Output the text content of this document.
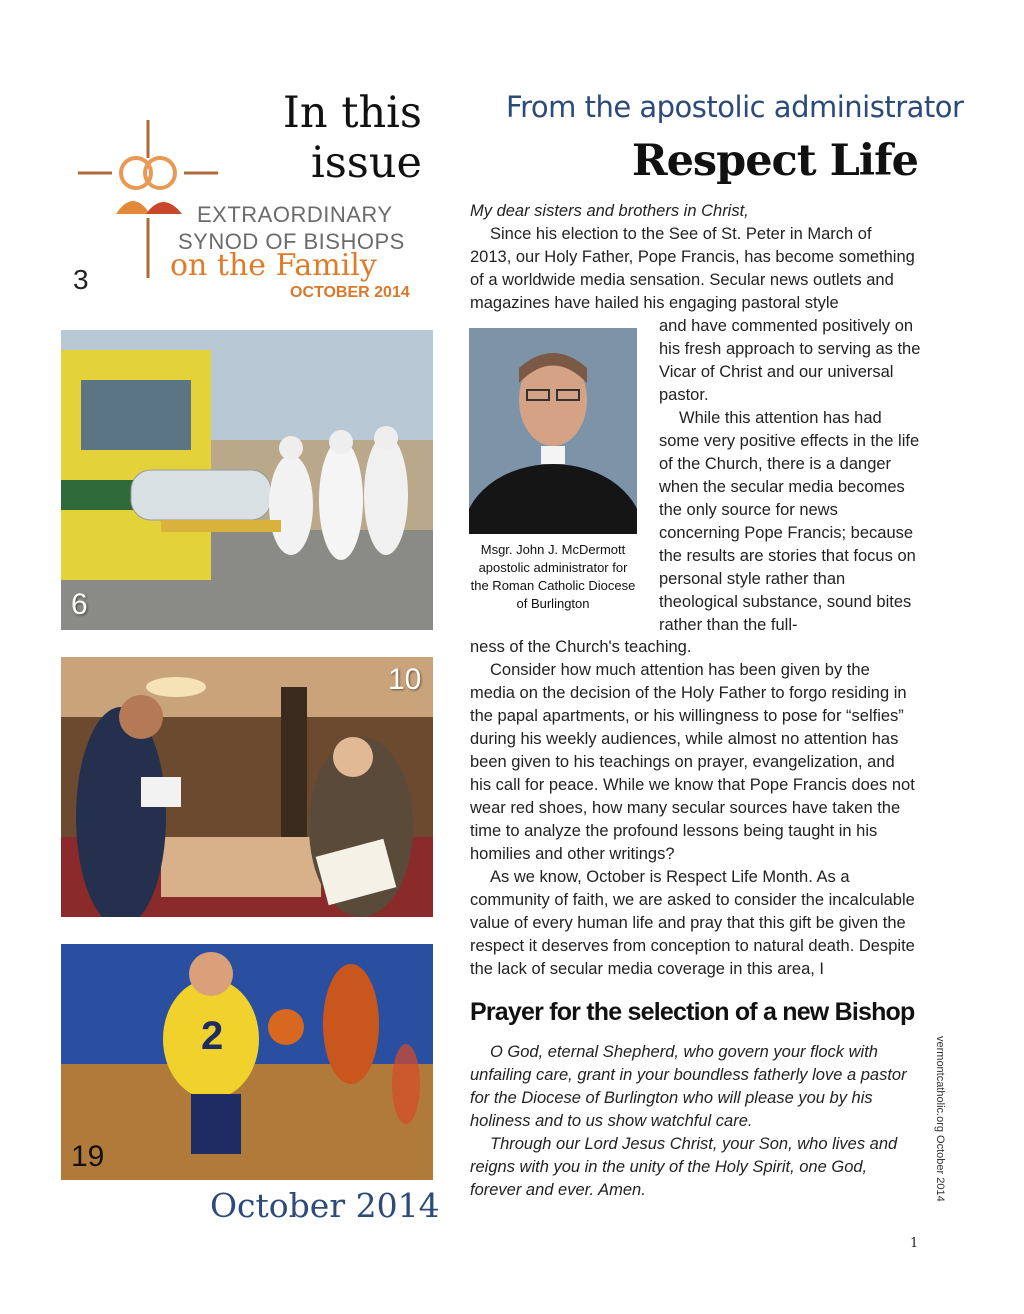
In this
issue
EXTRAORDINARY
SYNOD OF BISHOPS
on the Family
OCTOBER 2014
3
6
10
2
19
October 2014
From the apostolic administrator
Respect Life

My dear sisters and brothers in Christ,

Since his election to the See of St. Peter in March of 2013, our Holy Father, Pope Francis, has become something of a worldwide media sensation. Secular news outlets and magazines have hailed his engaging pastoral style

Msgr. John J. McDermott apostolic administrator for the Roman Catholic Diocese of Burlington

and have commented positively on his fresh approach to serving as the Vicar of Christ and our universal pastor.

While this attention has had some very positive effects in the life of the Church, there is a danger when the secular media becomes the only source for news concerning Pope Francis; because the results are stories that focus on personal style rather than theological substance, sound bites rather than the full-

ness of the Church's teaching.

Consider how much attention has been given by the media on the decision of the Holy Father to forgo residing in the papal apartments, or his willingness to pose for “selfies” during his weekly audiences, while almost no attention has been given to his teachings on prayer, evangelization, and his call for peace. While we know that Pope Francis does not wear red shoes, how many secular sources have taken the time to analyze the profound lessons being taught in his homilies and other writings?

As we know, October is Respect Life Month. As a community of faith, we are asked to consider the incalculable value of every human life and pray that this gift be given the respect it deserves from conception to natural death. Despite the lack of secular media coverage in this area, I

Prayer for the selection of a new Bishop

O God, eternal Shepherd, who govern your flock with unfailing care, grant in your boundless fatherly love a pastor for the Diocese of Burlington who will please you by his holiness and to us show watchful care.

Through our Lord Jesus Christ, your Son, who lives and reigns with you in the unity of the Holy Spirit, one God, forever and ever. Amen.	vermontcatholic.org October 2014
1
